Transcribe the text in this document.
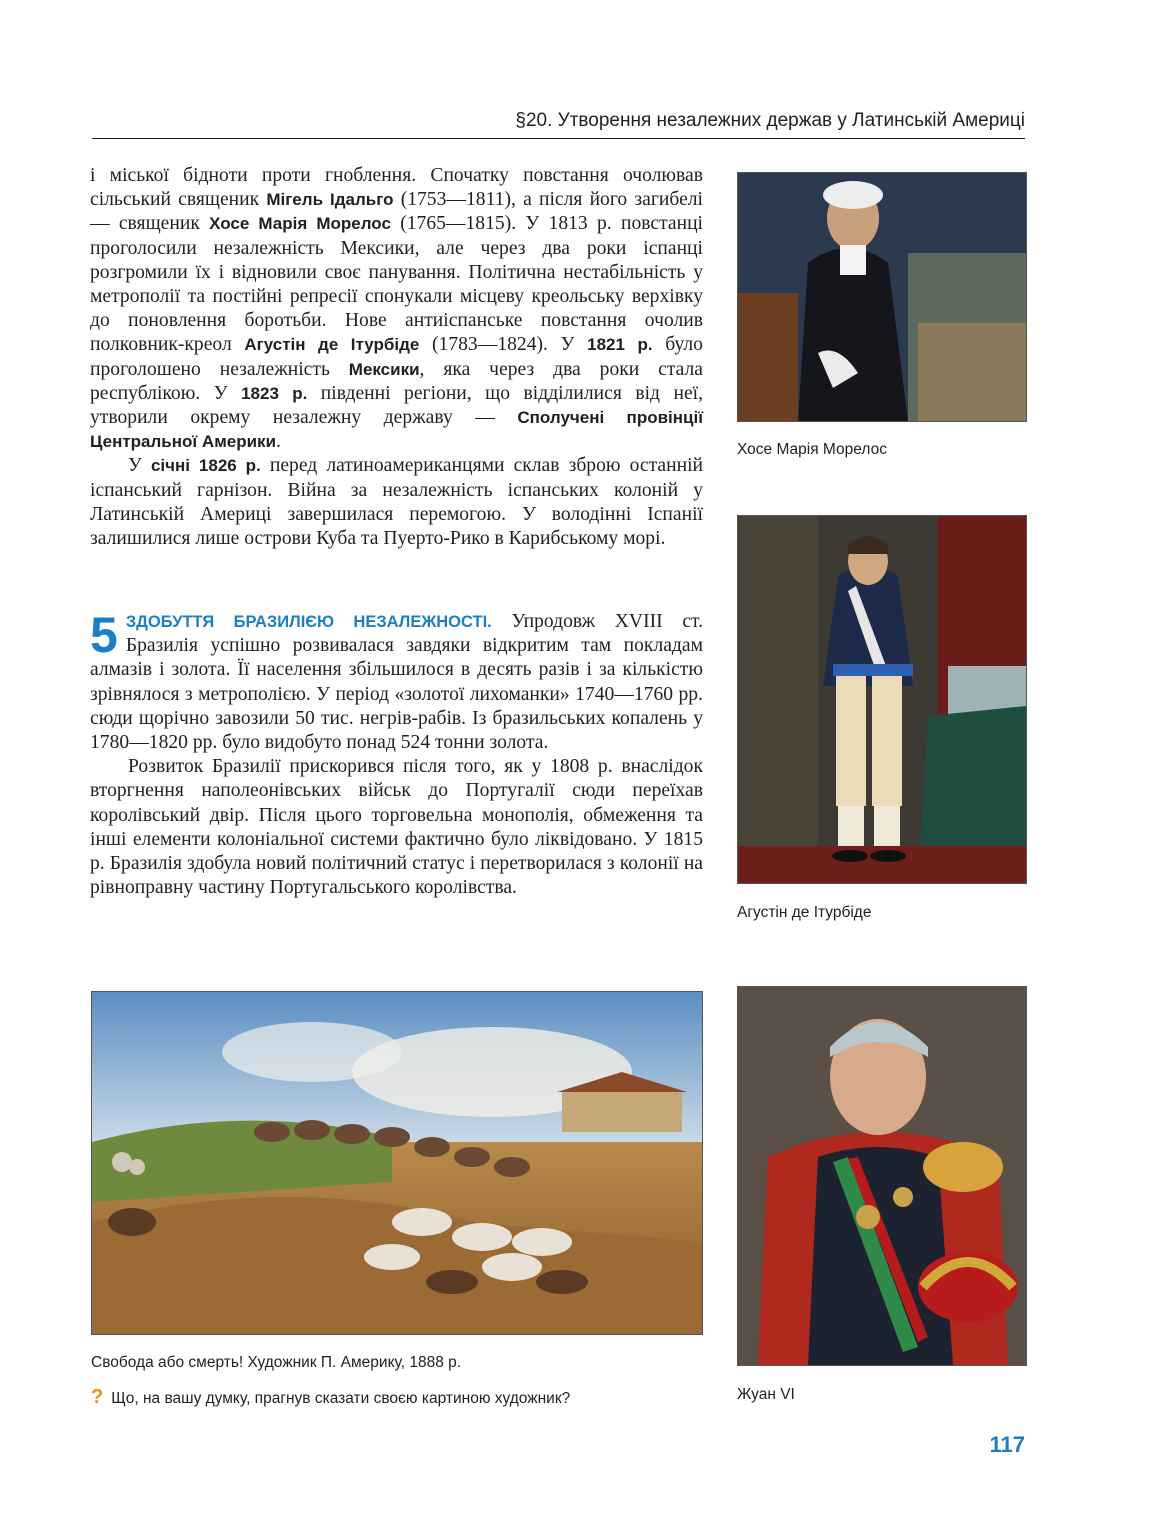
§20. Утворення незалежних держав у Латинській Америці

і міської бідноти проти гноблення. Спочатку повстання очолював сільський священик Мігель Ідальго (1753—1811), а після його загибелі — священик Хосе Марія Морелос (1765—1815). У 1813 р. повстанці проголосили незалежність Мексики, але через два роки іспанці розгромили їх і відновили своє панування. Політична нестабільність у метрополії та постійні репресії спонукали місцеву креольську верхівку до поновлення боротьби. Нове антиіспанське повстання очолив полковник-креол Агустін де Ітурбіде (1783—1824). У 1821 р. було проголошено незалежність Мексики, яка через два роки стала республікою. У 1823 р. південні регіони, що відділилися від неї, утворили окрему незалежну державу — Сполучені провінції Центральної Америки.

У січні 1826 р. перед латиноамериканцями склав зброю останній іспанський гарнізон. Війна за незалежність іспанських колоній у Латинській Америці завершилася перемогою. У володінні Іспанії залишилися лише острови Куба та Пуерто-Рико в Карибському морі.

5 ЗДОБУТТЯ БРАЗИЛІЄЮ НЕЗАЛЕЖНОСТІ. Упродовж XVIII ст. Бразилія успішно розвивалася завдяки відкритим там покладам алмазів і золота. Її населення збільшилося в десять разів і за кількістю зрівнялося з метрополією. У період «золотої лихоманки» 1740—1760 рр. сюди щорічно завозили 50 тис. негрів-рабів. Із бразильських копалень у 1780—1820 рр. було видобуто понад 524 тонни золота.

Розвиток Бразилії прискорився після того, як у 1808 р. внаслідок вторгнення наполеонівських військ до Португалії сюди переїхав королівський двір. Після цього торговельна монополія, обмеження та інші елементи колоніальної системи фактично було ліквідовано. У 1815 р. Бразилія здобула новий політичний статус і перетворилася з колонії на рівноправну частину Португальського королівства.

Хосе Марія Морелос
Агустін де Ітурбіде
Свобода або смерть! Художник П. Америку, 1888 р.
? Що, на вашу думку, прагнув сказати своєю картиною художник?	Жуан VI
117
